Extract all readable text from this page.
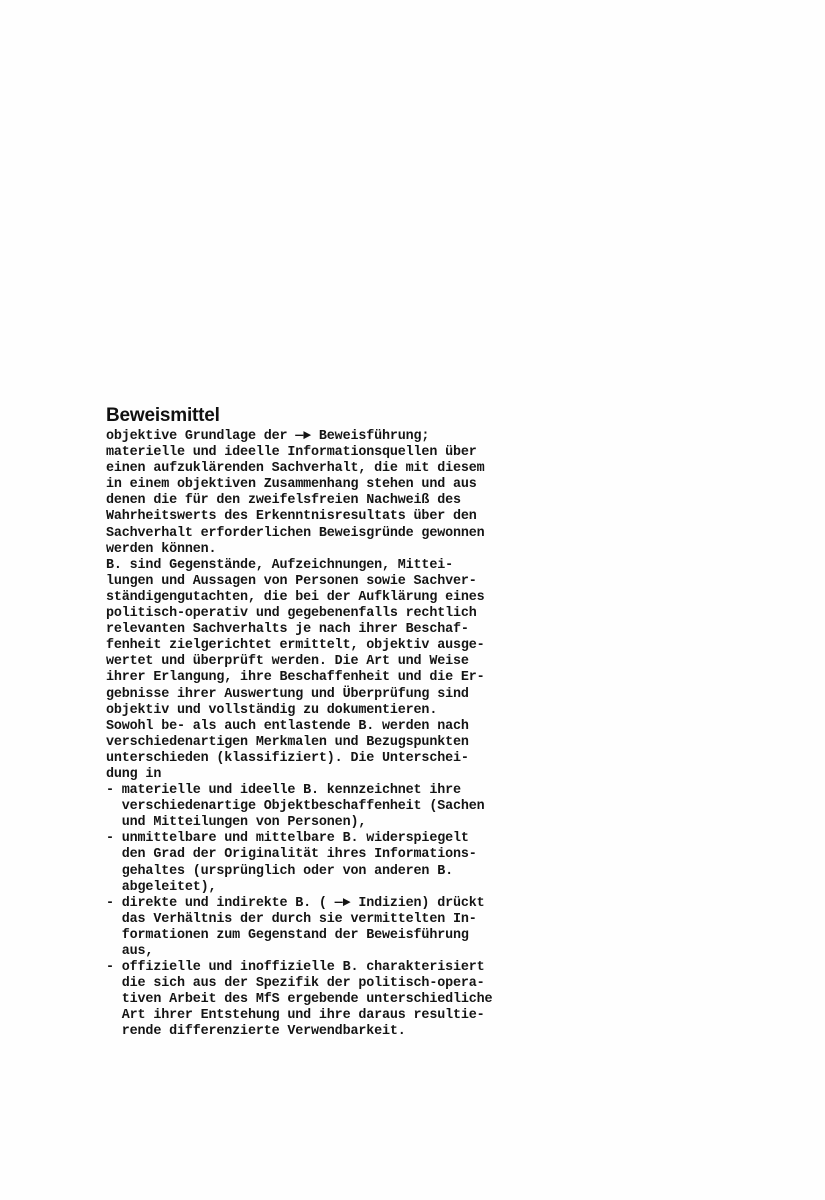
Beweismittel
objektive Grundlage der —► Beweisführung;
materielle und ideelle Informationsquellen über
einen aufzuklärenden Sachverhalt, die mit diesem
in einem objektiven Zusammenhang stehen und aus
denen die für den zweifelsfreien Nachweiß des
Wahrheitswerts des Erkenntnisresultats über den
Sachverhalt erforderlichen Beweisgründe gewonnen
werden können.
B. sind Gegenstände, Aufzeichnungen, Mittei-
lungen und Aussagen von Personen sowie Sachver-
ständigengutachten, die bei der Aufklärung eines
politisch-operativ und gegebenenfalls rechtlich
relevanten Sachverhalts je nach ihrer Beschaf-
fenheit zielgerichtet ermittelt, objektiv ausge-
wertet und überprüft werden. Die Art und Weise
ihrer Erlangung, ihre Beschaffenheit und die Er-
gebnisse ihrer Auswertung und Überprüfung sind
objektiv und vollständig zu dokumentieren.
Sowohl be- als auch entlastende B. werden nach
verschiedenartigen Merkmalen und Bezugspunkten
unterschieden (klassifiziert). Die Unterschei-
dung in
- materielle und ideelle B. kennzeichnet ihre
verschiedenartige Objektbeschaffenheit (Sachen
und Mitteilungen von Personen),
- unmittelbare und mittelbare B. widerspiegelt
den Grad der Originalität ihres Informations-
gehaltes (ursprünglich oder von anderen B.
abgeleitet),
- direkte und indirekte B. ( —► Indizien) drückt
das Verhältnis der durch sie vermittelten In-
formationen zum Gegenstand der Beweisführung
aus,
- offizielle und inoffizielle B. charakterisiert
die sich aus der Spezifik der politisch-opera-
tiven Arbeit des MfS ergebende unterschiedliche
Art ihrer Entstehung und ihre daraus resultie-
rende differenzierte Verwendbarkeit.
